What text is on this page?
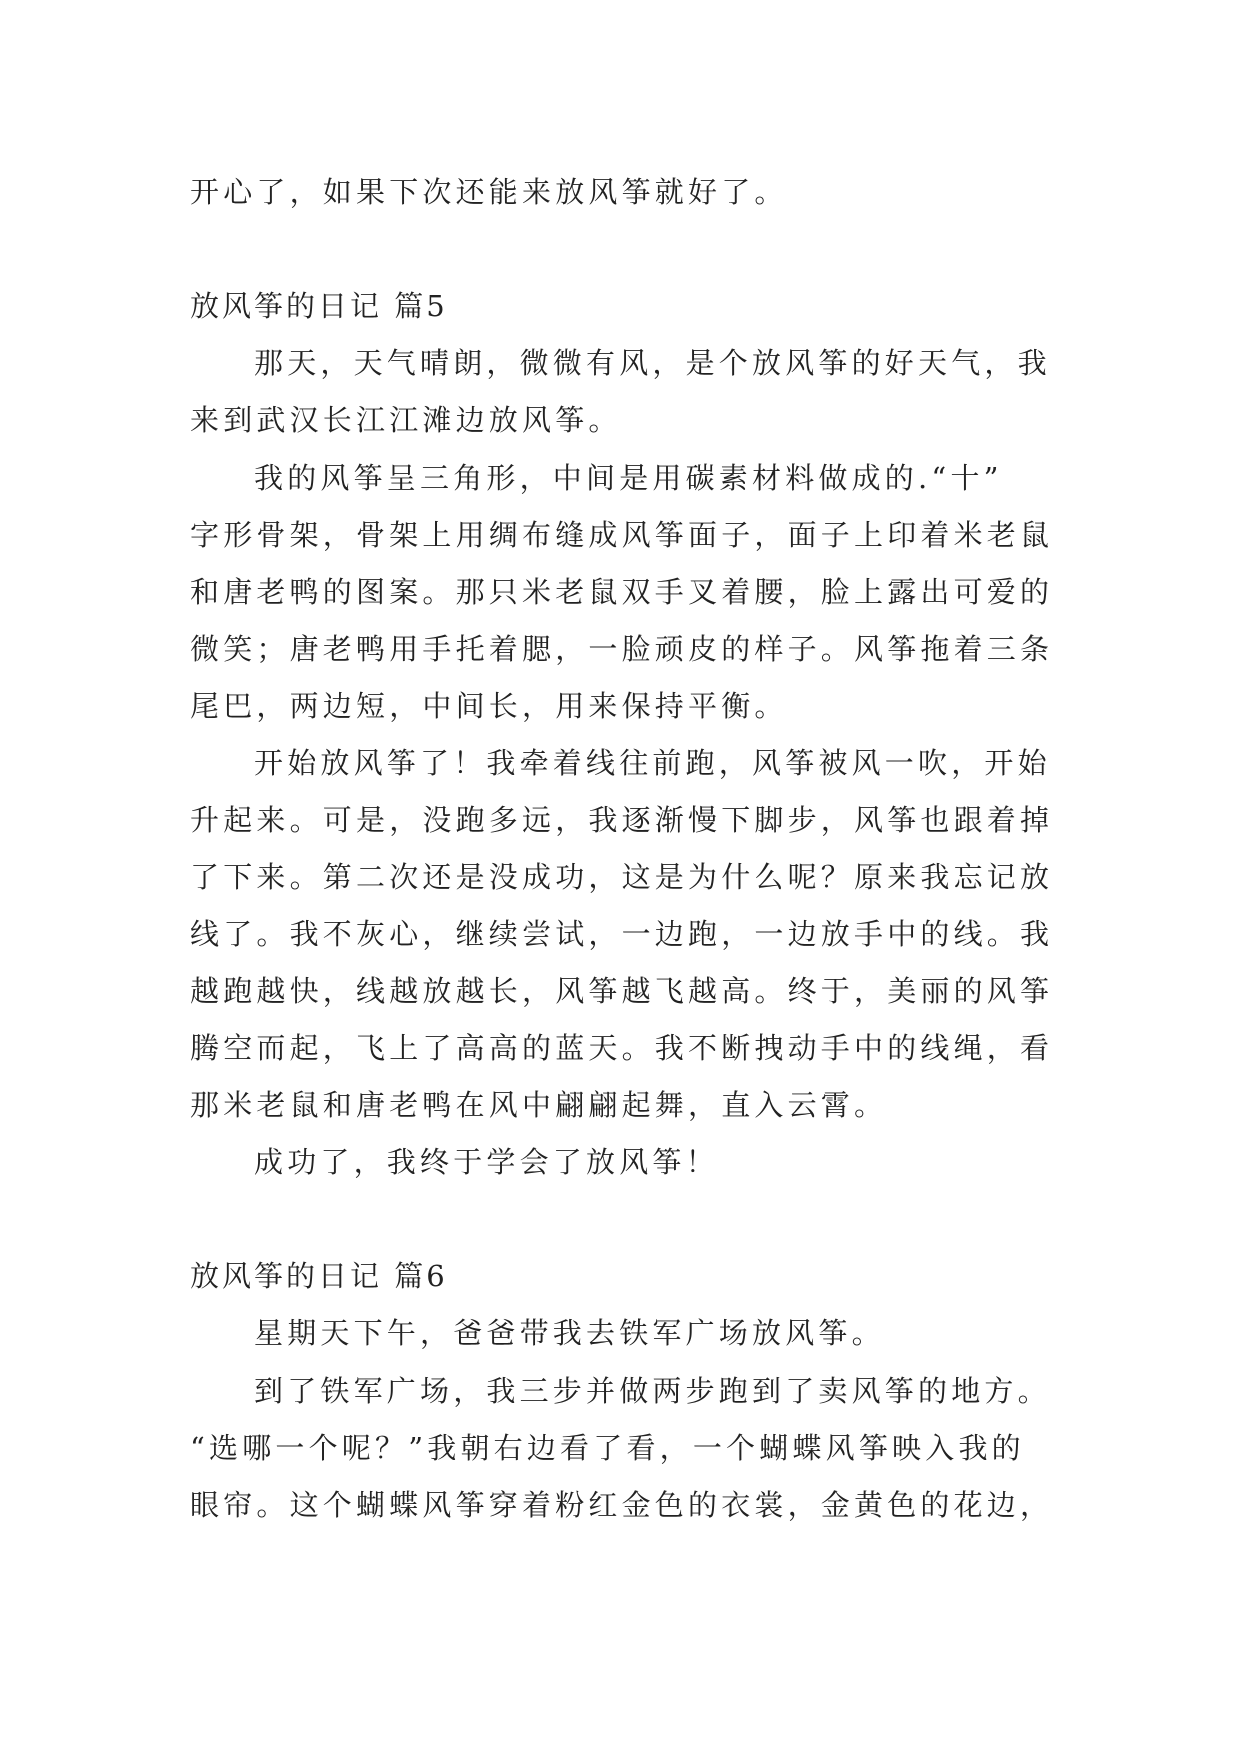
开心了，如果下次还能来放风筝就好了。
放风筝的日记 篇5
那天，天气晴朗，微微有风，是个放风筝的好天气，我
来到武汉长江江滩边放风筝。
我的风筝呈三角形，中间是用碳素材料做成的.“十”
字形骨架，骨架上用绸布缝成风筝面子，面子上印着米老鼠
和唐老鸭的图案。那只米老鼠双手叉着腰，脸上露出可爱的
微笑；唐老鸭用手托着腮，一脸顽皮的样子。风筝拖着三条
尾巴，两边短，中间长，用来保持平衡。
开始放风筝了！我牵着线往前跑，风筝被风一吹，开始
升起来。可是，没跑多远，我逐渐慢下脚步，风筝也跟着掉
了下来。第二次还是没成功，这是为什么呢？原来我忘记放
线了。我不灰心，继续尝试，一边跑，一边放手中的线。我
越跑越快，线越放越长，风筝越飞越高。终于，美丽的风筝
腾空而起，飞上了高高的蓝天。我不断拽动手中的线绳，看
那米老鼠和唐老鸭在风中翩翩起舞，直入云霄。
成功了，我终于学会了放风筝！
放风筝的日记 篇6
星期天下午，爸爸带我去铁军广场放风筝。
到了铁军广场，我三步并做两步跑到了卖风筝的地方。
“选哪一个呢？”我朝右边看了看，一个蝴蝶风筝映入我的
眼帘。这个蝴蝶风筝穿着粉红金色的衣裳，金黄色的花边，
